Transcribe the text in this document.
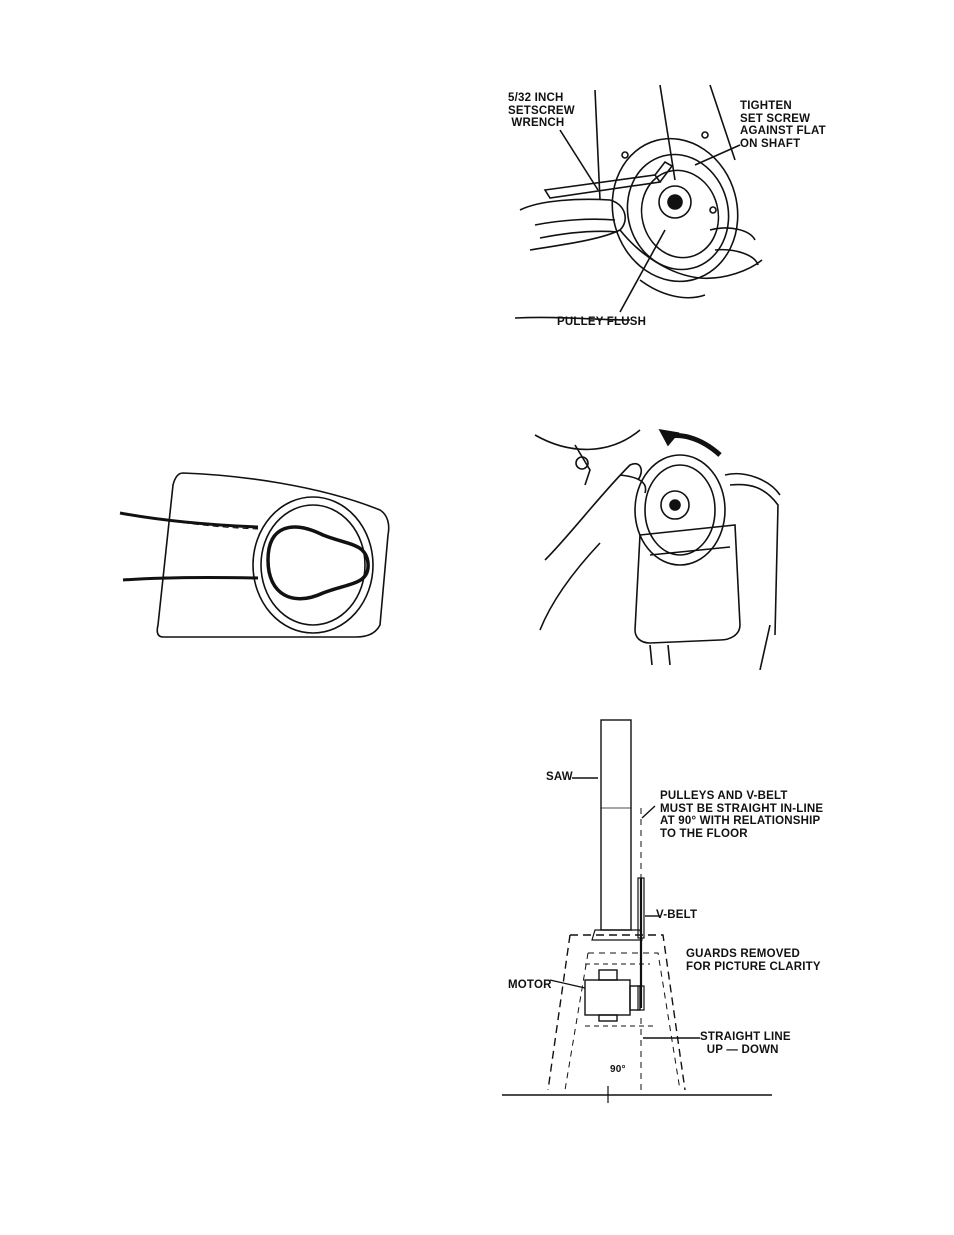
5/32 INCH
SETSCREW
WRENCH
TIGHTEN
SET SCREW
AGAINST FLAT
ON SHAFT
PULLEY FLUSH
SAW
PULLEYS AND V-BELT
MUST BE STRAIGHT IN-LINE
AT 90° WITH RELATIONSHIP
TO THE FLOOR
V-BELT
GUARDS REMOVED
FOR PICTURE CLARITY
MOTOR
STRAIGHT LINE
UP — DOWN
90°
